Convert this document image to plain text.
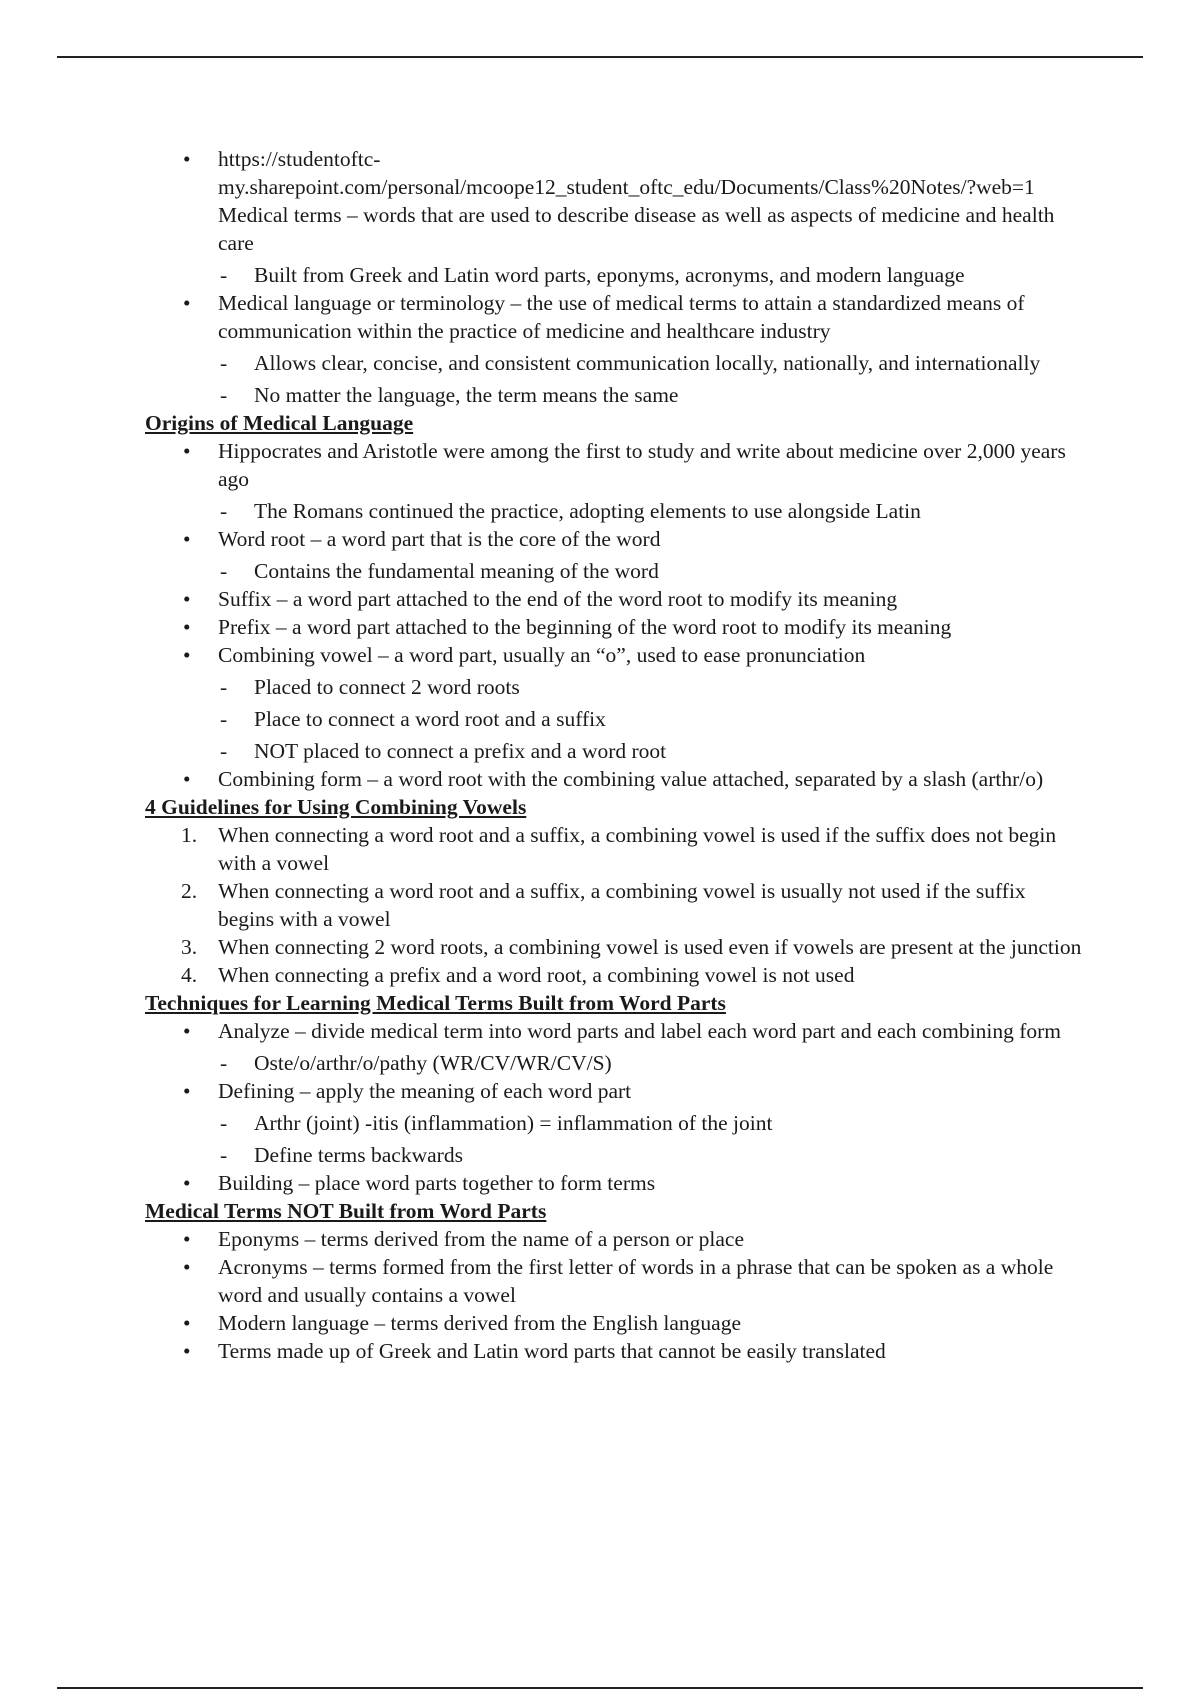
• https://studentoftc-my.sharepoint.com/personal/mcoope12_student_oftc_edu/Documents/Class%20Notes/?web=1 Medical terms – words that are used to describe disease as well as aspects of medicine and health care
- Built from Greek and Latin word parts, eponyms, acronyms, and modern language
• Medical language or terminology – the use of medical terms to attain a standardized means of communication within the practice of medicine and healthcare industry
- Allows clear, concise, and consistent communication locally, nationally, and internationally
- No matter the language, the term means the same
Origins of Medical Language
• Hippocrates and Aristotle were among the first to study and write about medicine over 2,000 years ago
- The Romans continued the practice, adopting elements to use alongside Latin
• Word root – a word part that is the core of the word
- Contains the fundamental meaning of the word
• Suffix – a word part attached to the end of the word root to modify its meaning
• Prefix – a word part attached to the beginning of the word root to modify its meaning
• Combining vowel – a word part, usually an “o”, used to ease pronunciation
- Placed to connect 2 word roots
- Place to connect a word root and a suffix
- NOT placed to connect a prefix and a word root
• Combining form – a word root with the combining value attached, separated by a slash (arthr/o)
4 Guidelines for Using Combining Vowels
1. When connecting a word root and a suffix, a combining vowel is used if the suffix does not begin with a vowel
2. When connecting a word root and a suffix, a combining vowel is usually not used if the suffix begins with a vowel
3. When connecting 2 word roots, a combining vowel is used even if vowels are present at the junction
4. When connecting a prefix and a word root, a combining vowel is not used
Techniques for Learning Medical Terms Built from Word Parts
• Analyze – divide medical term into word parts and label each word part and each combining form
- Oste/o/arthr/o/pathy (WR/CV/WR/CV/S)
• Defining – apply the meaning of each word part
- Arthr (joint) -itis (inflammation) = inflammation of the joint
- Define terms backwards
• Building – place word parts together to form terms
Medical Terms NOT Built from Word Parts
• Eponyms – terms derived from the name of a person or place
• Acronyms – terms formed from the first letter of words in a phrase that can be spoken as a whole word and usually contains a vowel
• Modern language – terms derived from the English language
• Terms made up of Greek and Latin word parts that cannot be easily translated
